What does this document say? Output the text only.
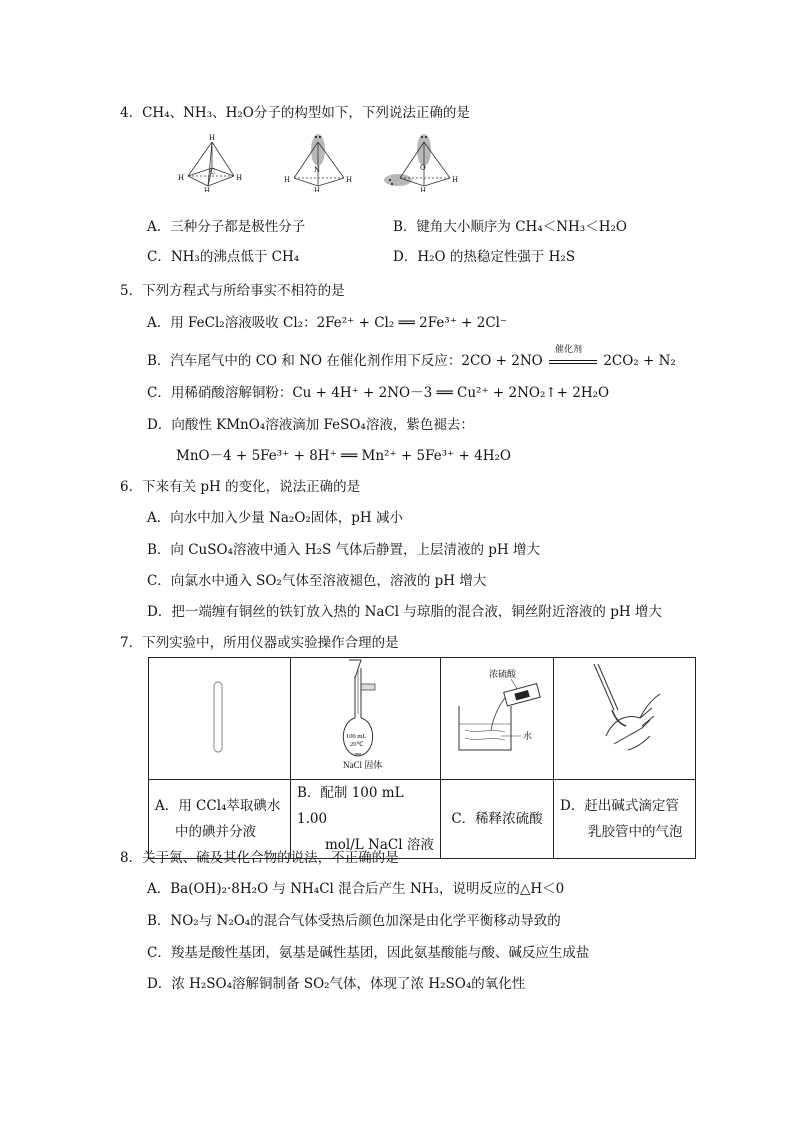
4．CH₄、NH₃、H₂O分子的构型如下，下列说法正确的是
H
C
H	H
H
N
H	H
H
O
H
H
A．三种分子都是极性分子	B．键角大小顺序为 CH₄＜NH₃＜H₂O
C．NH₃的沸点低于 CH₄	D．H₂O 的热稳定性强于 H₂S
5．下列方程式与所给事实不相符的是
A．用 FeCl₂溶液吸收 Cl₂：2Fe²⁺ + Cl₂ ══ 2Fe³⁺ + 2Cl⁻
B．汽车尾气中的 CO 和 NO 在催化剂作用下反应：2CO + 2NO
催化剂
2CO₂ + N₂
C．用稀硝酸溶解铜粉：Cu + 4H⁺ + 2NO－3 ══ Cu²⁺ + 2NO₂↑+ 2H₂O
D．向酸性 KMnO₄溶液滴加 FeSO₄溶液，紫色褪去：
MnO－4 + 5Fe³⁺ + 8H⁺ ══ Mn²⁺ + 5Fe³⁺ + 4H₂O
6．下来有关 pH 的变化，说法正确的是
A．向水中加入少量 Na₂O₂固体，pH 减小
B．向 CuSO₄溶液中通入 H₂S 气体后静置，上层清液的 pH 增大
C．向氯水中通入 SO₂气体至溶液褪色，溶液的 pH 增大
D．把一端缠有铜丝的铁钉放入热的 NaCl 与琼脂的混合液，铜丝附近溶液的 pH 增大
7．下列实验中，所用仪器或实验操作合理的是

100 mL
20℃
NaCl 固体	浓硫酸
水

A．用 CCl₄萃取碘水
中的碘并分液	B．配制 100 mL 1.00
mol/L NaCl 溶液	C．稀释浓硫酸	D．赶出碱式滴定管
乳胶管中的气泡
8．关于氮、硫及其化合物的说法，不正确的是
A．Ba(OH)₂·8H₂O 与 NH₄Cl 混合后产生 NH₃，说明反应的△H＜0
B．NO₂与 N₂O₄的混合气体受热后颜色加深是由化学平衡移动导致的
C．羧基是酸性基团，氨基是碱性基团，因此氨基酸能与酸、碱反应生成盐
D．浓 H₂SO₄溶解铜制备 SO₂气体，体现了浓 H₂SO₄的氧化性
